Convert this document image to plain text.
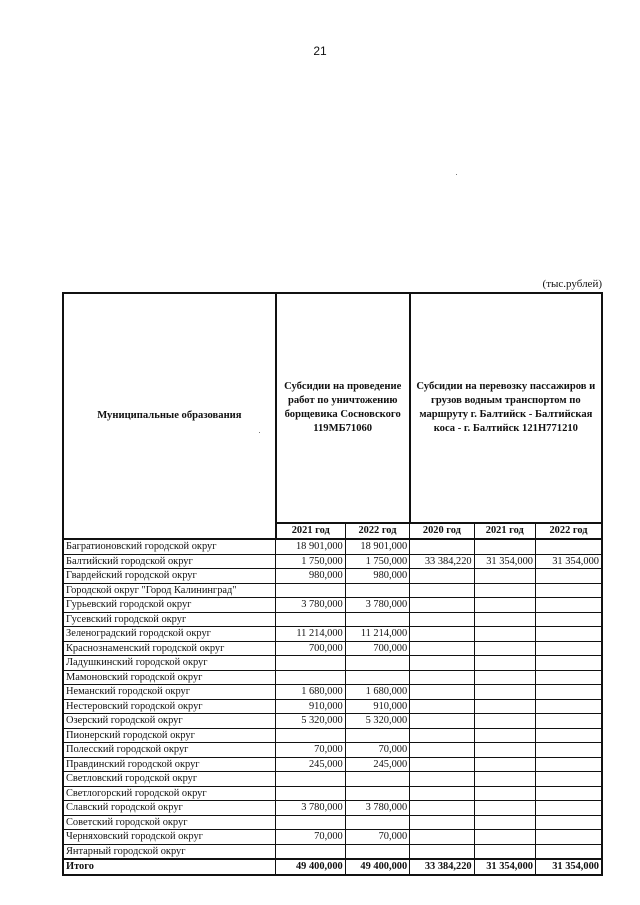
21
(тыс.рублей)
Муниципальные образования	Субсидии на проведение работ по уничтожению борщевика Сосновского 119МБ71060		Субсидии на перевозку пассажиров и грузов водным транспортом по маршруту г. Балтийск - Балтийская коса - г. Балтийск 121Н771210		
	2021 год	2022 год	2020 год	2021 год	2022 год
Багратионовский городской округ	18 901,000	18 901,000			
Балтийский городской округ	1 750,000	1 750,000	33 384,220	31 354,000	31 354,000
Гвардейский городской округ	980,000	980,000			
Городской округ "Город Калининград"					
Гурьевский городской округ	3 780,000	3 780,000			
Гусевский городской округ					
Зеленоградский городской округ	11 214,000	11 214,000			
Краснознаменский городской округ	700,000	700,000			
Ладушкинский городской округ					
Мамоновский городской округ					
Неманский городской округ	1 680,000	1 680,000			
Нестеровский городской округ	910,000	910,000			
Озерский городской округ	5 320,000	5 320,000			
Пионерский городской округ					
Полесский городской округ	70,000	70,000			
Правдинский городской округ	245,000	245,000			
Светловский городской округ					
Светлогорский городской округ					
Славский городской округ	3 780,000	3 780,000			
Советский городской округ					
Черняховский городской округ	70,000	70,000			
Янтарный городской округ					
Итого	49 400,000	49 400,000	33 384,220	31 354,000	31 354,000
